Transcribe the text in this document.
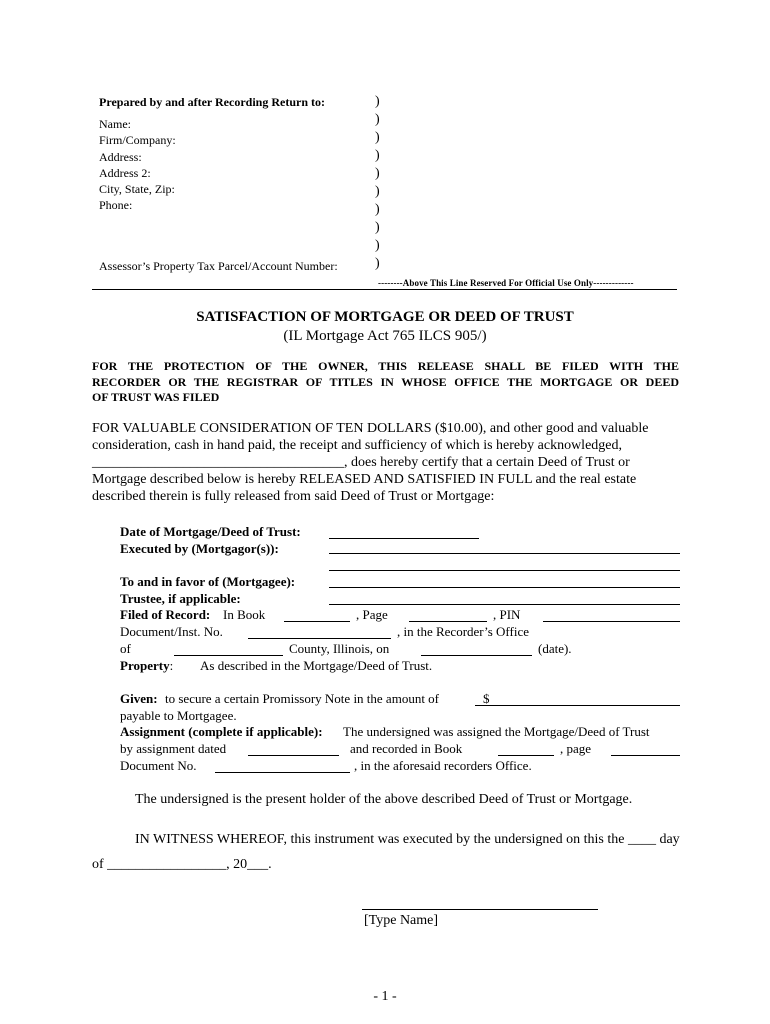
Prepared by and after Recording Return to:
Name:
Firm/Company:
Address:
Address 2:
City, State, Zip:
Phone:
Assessor’s Property Tax Parcel/Account Number:
)
)
)
)
)
)
)
)
)
)
--------Above This Line Reserved For Official Use Only-------------
SATISFACTION OF MORTGAGE OR DEED OF TRUST
(IL Mortgage Act 765 ILCS 905/)
FOR THE PROTECTION OF THE OWNER, THIS RELEASE SHALL BE FILED WITH THE
RECORDER OR THE REGISTRAR OF TITLES IN WHOSE OFFICE THE MORTGAGE OR DEED
OF TRUST WAS FILED
FOR VALUABLE CONSIDERATION OF TEN DOLLARS ($10.00), and other good and valuable
consideration, cash in hand paid, the receipt and sufficiency of which is hereby acknowledged,
____________________________________, does hereby certify that a certain Deed of Trust or
Mortgage described below is hereby RELEASED AND SATISFIED IN FULL and the real estate
described therein is fully released from said Deed of Trust or Mortgage:
Date of Mortgage/Deed of Trust:
Executed by (Mortgagor(s)):
To and in favor of (Mortgagee):
Trustee, if applicable:
Filed of Record: In Book	, Page	, PIN
Document/Inst. No.	, in the Recorder’s Office
of	County, Illinois, on	(date).
Property: As described in the Mortgage/Deed of Trust.
Given: to secure a certain Promissory Note in the amount of	$
payable to Mortgagee.
Assignment (complete if applicable): The undersigned was assigned the Mortgage/Deed of Trust
by assignment dated	and recorded in Book	, page
Document No.	, in the aforesaid recorders Office.
The undersigned is the present holder of the above described Deed of Trust or Mortgage.
IN WITNESS WHEREOF, this instrument was executed by the undersigned on this the ____ day
of _________________, 20___.
[Type Name]
- 1 -
